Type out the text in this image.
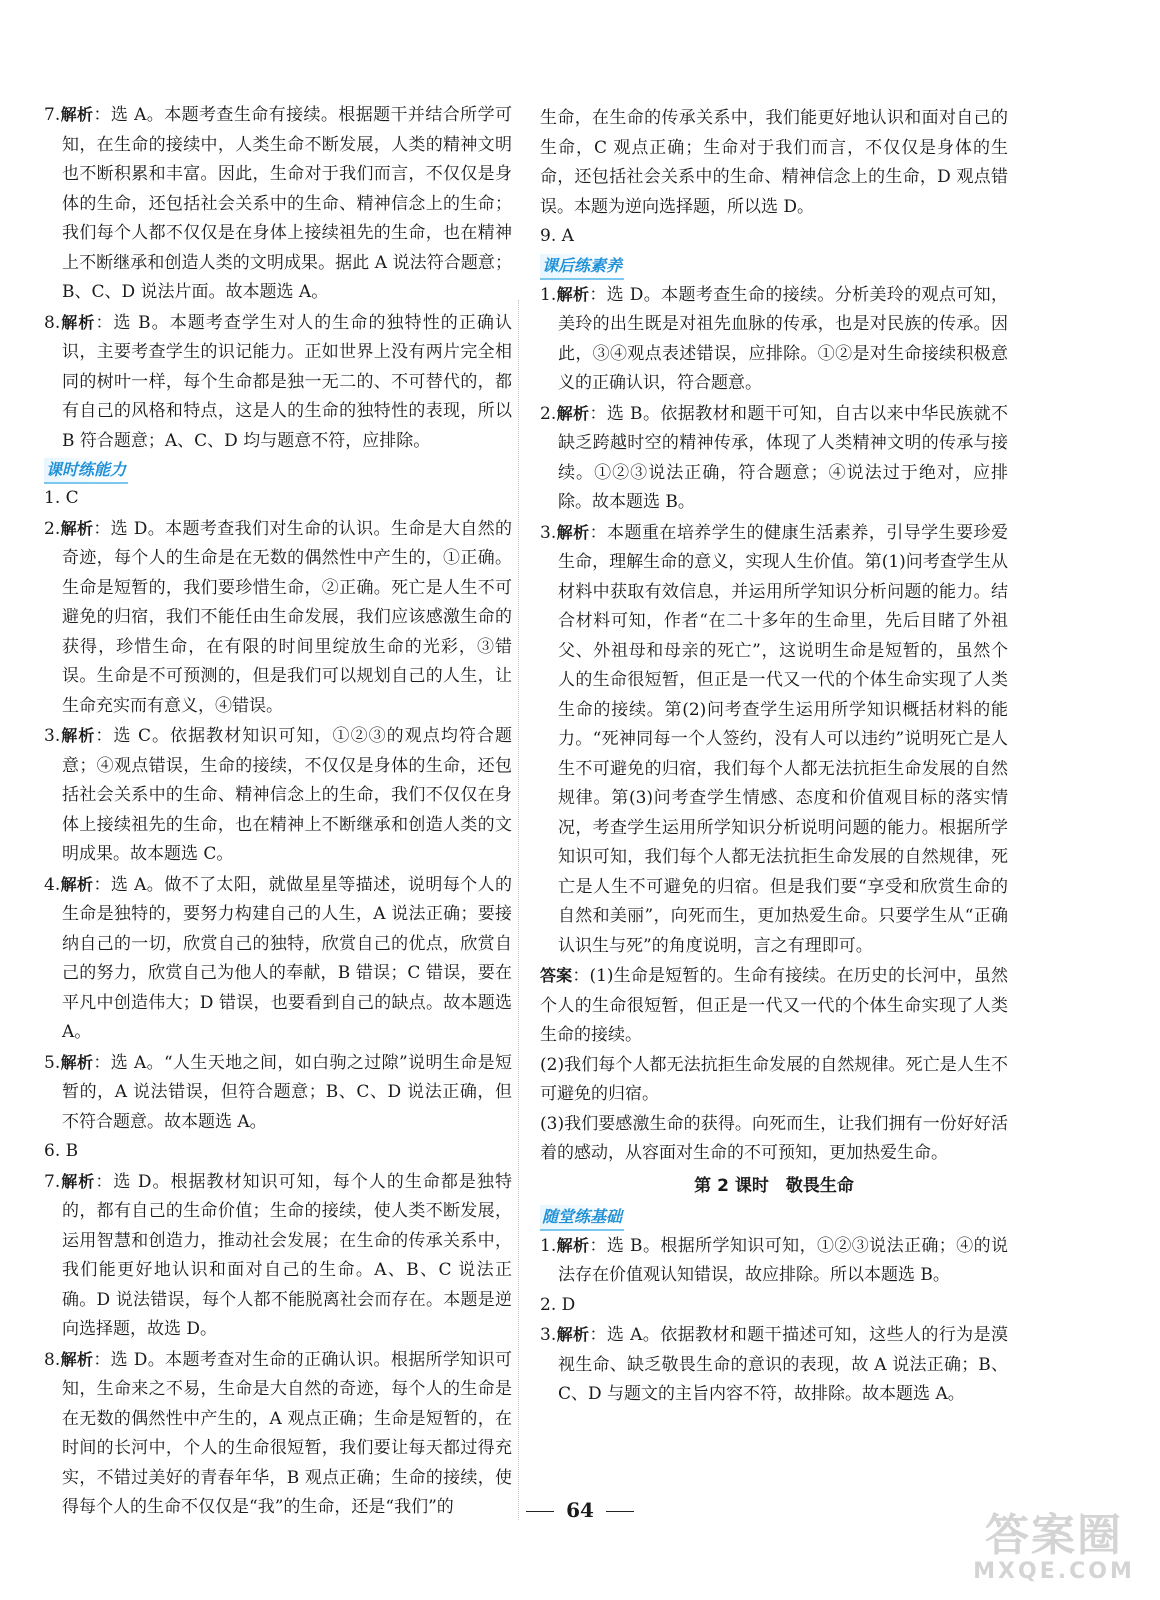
7.解析：选 A。本题考查生命有接续。根据题干并结合所学可知，在生命的接续中，人类生命不断发展，人类的精神文明也不断积累和丰富。因此，生命对于我们而言，不仅仅是身体的生命，还包括社会关系中的生命、精神信念上的生命；我们每个人都不仅仅是在身体上接续祖先的生命，也在精神上不断继承和创造人类的文明成果。据此 A 说法符合题意；B、C、D 说法片面。故本题选 A。

8.解析：选 B。本题考查学生对人的生命的独特性的正确认识，主要考查学生的识记能力。正如世界上没有两片完全相同的树叶一样，每个生命都是独一无二的、不可替代的，都有自己的风格和特点，这是人的生命的独特性的表现，所以 B 符合题意；A、C、D 均与题意不符，应排除。

课时练能力

1. C

2.解析：选 D。本题考查我们对生命的认识。生命是大自然的奇迹，每个人的生命是在无数的偶然性中产生的，①正确。生命是短暂的，我们要珍惜生命，②正确。死亡是人生不可避免的归宿，我们不能任由生命发展，我们应该感激生命的获得，珍惜生命，在有限的时间里绽放生命的光彩，③错误。生命是不可预测的，但是我们可以规划自己的人生，让生命充实而有意义，④错误。

3.解析：选 C。依据教材知识可知，①②③的观点均符合题意；④观点错误，生命的接续，不仅仅是身体的生命，还包括社会关系中的生命、精神信念上的生命，我们不仅仅在身体上接续祖先的生命，也在精神上不断继承和创造人类的文明成果。故本题选 C。

4.解析：选 A。做不了太阳，就做星星等描述，说明每个人的生命是独特的，要努力构建自己的人生，A 说法正确；要接纳自己的一切，欣赏自己的独特，欣赏自己的优点，欣赏自己的努力，欣赏自己为他人的奉献，B 错误；C 错误，要在平凡中创造伟大；D 错误，也要看到自己的缺点。故本题选 A。

5.解析：选 A。“人生天地之间，如白驹之过隙”说明生命是短暂的，A 说法错误，但符合题意；B、C、D 说法正确，但不符合题意。故本题选 A。

6. B

7.解析：选 D。根据教材知识可知，每个人的生命都是独特的，都有自己的生命价值；生命的接续，使人类不断发展，运用智慧和创造力，推动社会发展；在生命的传承关系中，我们能更好地认识和面对自己的生命。A、B、C 说法正确。D 说法错误，每个人都不能脱离社会而存在。本题是逆向选择题，故选 D。

8.解析：选 D。本题考查对生命的正确认识。根据所学知识可知，生命来之不易，生命是大自然的奇迹，每个人的生命是在无数的偶然性中产生的，A 观点正确；生命是短暂的，在时间的长河中，个人的生命很短暂，我们要让每天都过得充实，不错过美好的青春年华，B 观点正确；生命的接续，使得每个人的生命不仅仅是“我”的生命，还是“我们”的

生命，在生命的传承关系中，我们能更好地认识和面对自己的生命，C 观点正确；生命对于我们而言，不仅仅是身体的生命，还包括社会关系中的生命、精神信念上的生命，D 观点错误。本题为逆向选择题，所以选 D。

9. A

课后练素养

1.解析：选 D。本题考查生命的接续。分析美玲的观点可知，美玲的出生既是对祖先血脉的传承，也是对民族的传承。因此，③④观点表述错误，应排除。①②是对生命接续积极意义的正确认识，符合题意。

2.解析：选 B。依据教材和题干可知，自古以来中华民族就不缺乏跨越时空的精神传承，体现了人类精神文明的传承与接续。①②③说法正确，符合题意；④说法过于绝对，应排除。故本题选 B。

3.解析：本题重在培养学生的健康生活素养，引导学生要珍爱生命，理解生命的意义，实现人生价值。第(1)问考查学生从材料中获取有效信息，并运用所学知识分析问题的能力。结合材料可知，作者“在二十多年的生命里，先后目睹了外祖父、外祖母和母亲的死亡”，这说明生命是短暂的，虽然个人的生命很短暂，但正是一代又一代的个体生命实现了人类生命的接续。第(2)问考查学生运用所学知识概括材料的能力。“死神同每一个人签约，没有人可以违约”说明死亡是人生不可避免的归宿，我们每个人都无法抗拒生命发展的自然规律。第(3)问考查学生情感、态度和价值观目标的落实情况，考查学生运用所学知识分析说明问题的能力。根据所学知识可知，我们每个人都无法抗拒生命发展的自然规律，死亡是人生不可避免的归宿。但是我们要“享受和欣赏生命的自然和美丽”，向死而生，更加热爱生命。只要学生从“正确认识生与死”的角度说明，言之有理即可。

答案：(1)生命是短暂的。生命有接续。在历史的长河中，虽然个人的生命很短暂，但正是一代又一代的个体生命实现了人类生命的接续。

(2)我们每个人都无法抗拒生命发展的自然规律。死亡是人生不可避免的归宿。

(3)我们要感激生命的获得。向死而生，让我们拥有一份好好活着的感动，从容面对生命的不可预知，更加热爱生命。

第 2 课时　敬畏生命
随堂练基础

1.解析：选 B。根据所学知识可知，①②③说法正确；④的说法存在价值观认知错误，故应排除。所以本题选 B。

2. D

3.解析：选 A。依据教材和题干描述可知，这些人的行为是漠视生命、缺乏敬畏生命的意识的表现，故 A 说法正确；B、C、D 与题文的主旨内容不符，故排除。故本题选 A。

64	答案圈
MXQE.COM
